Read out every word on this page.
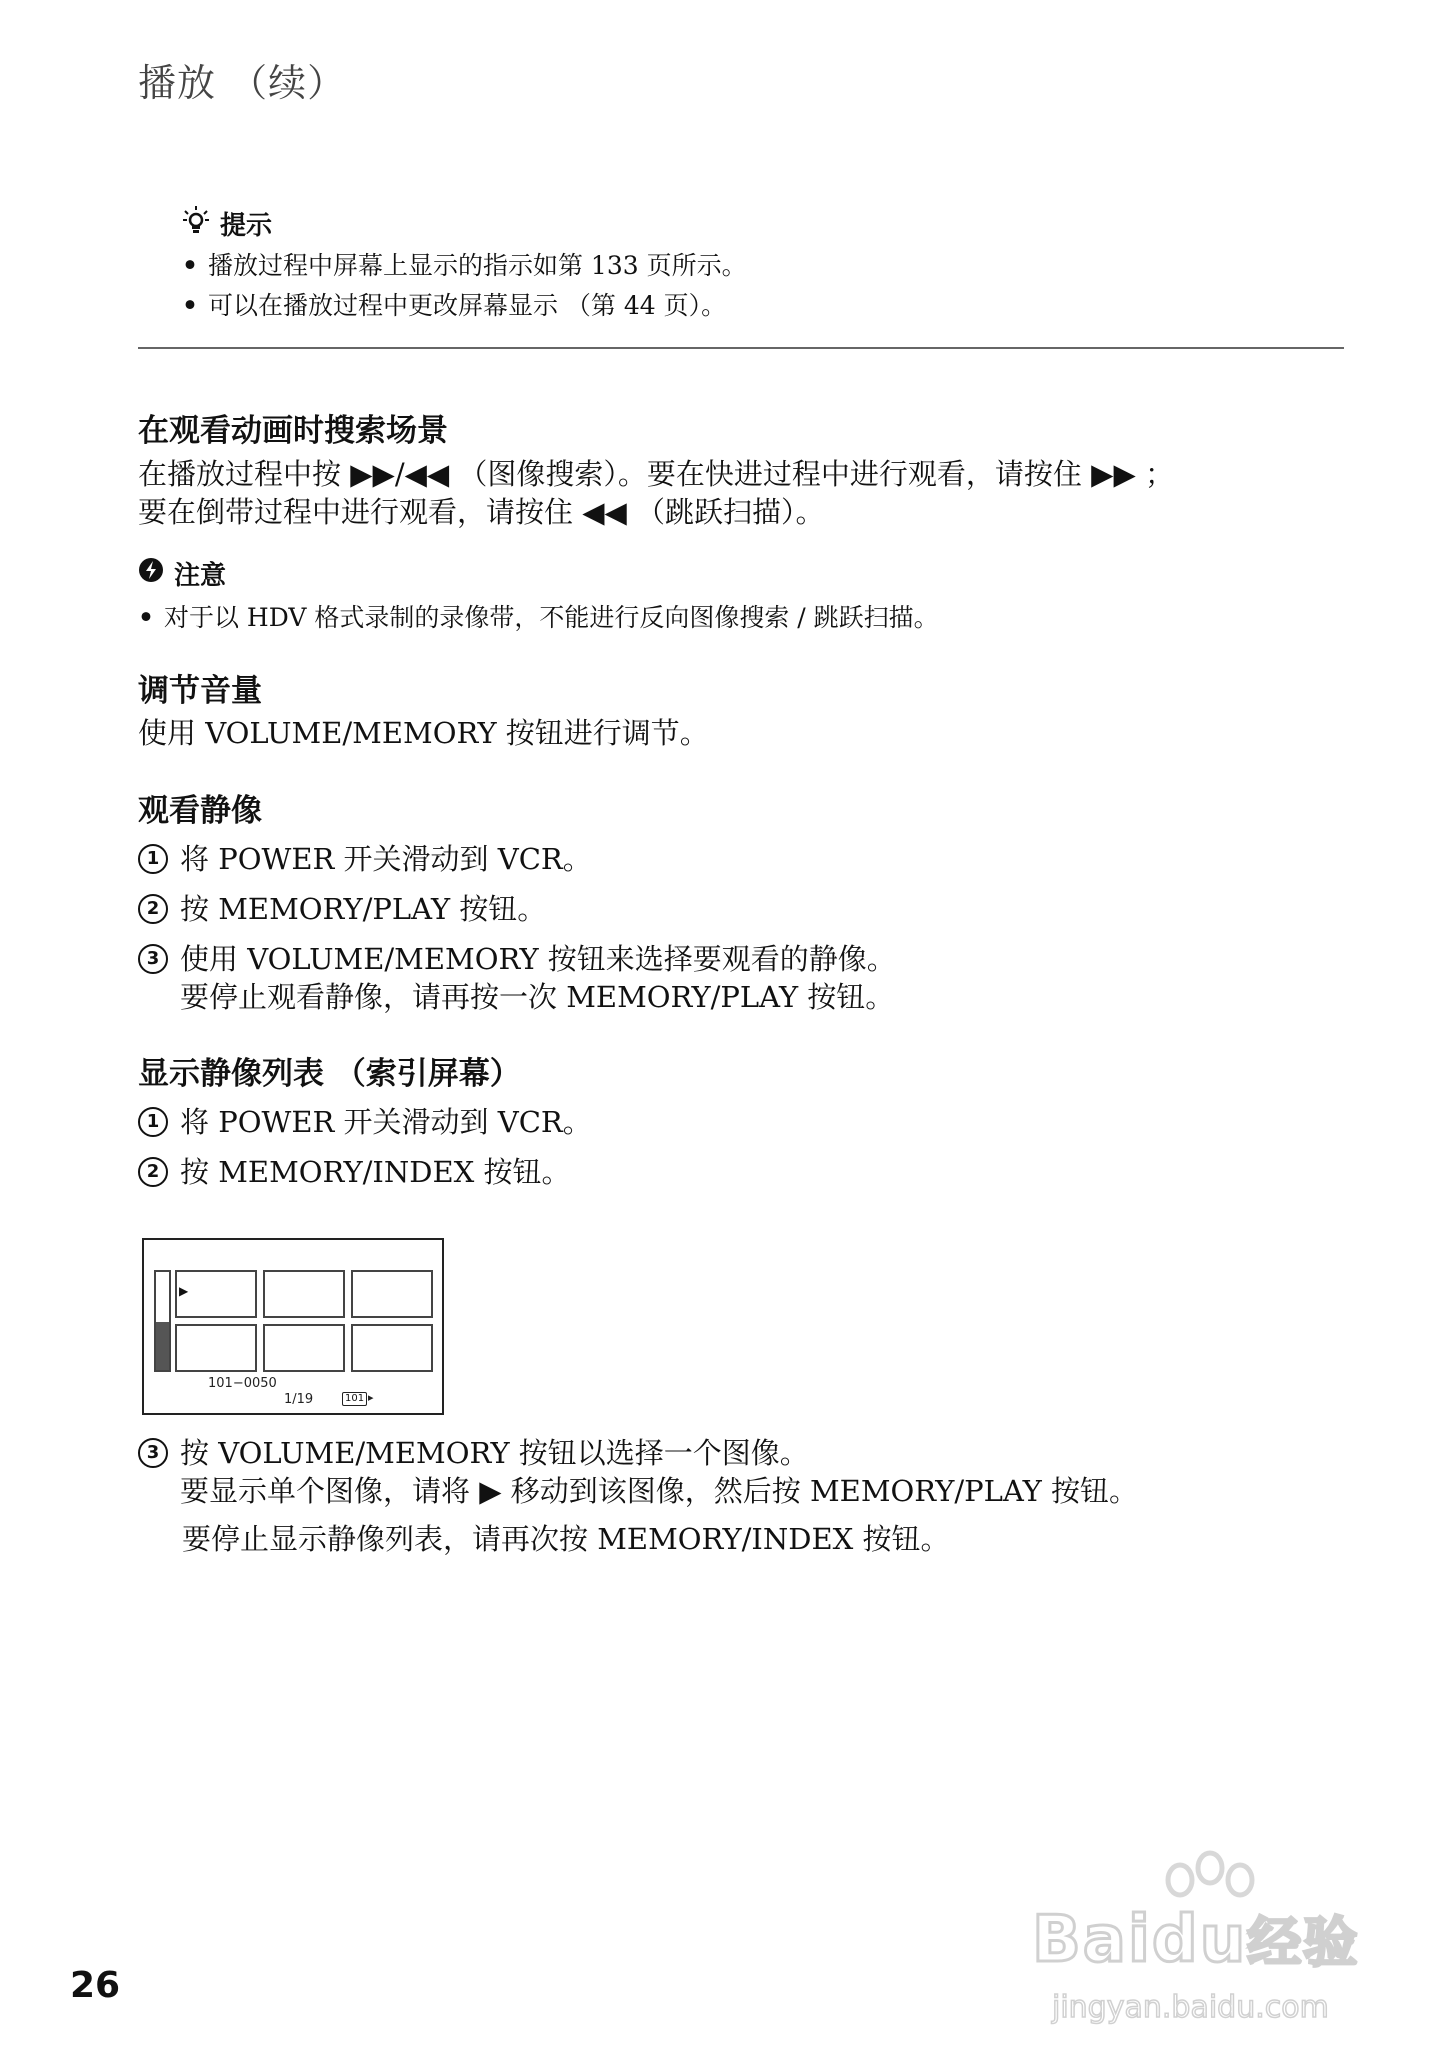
播放 （续）
提示
• 播放过程中屏幕上显示的指示如第 133 页所示。
• 可以在播放过程中更改屏幕显示 （第 44 页）。
在观看动画时搜索场景
在播放过程中按 ▶▶/◀◀ （图像搜索）。要在快进过程中进行观看，请按住 ▶▶ ；
要在倒带过程中进行观看，请按住 ◀◀ （跳跃扫描）。
注意
• 对于以 HDV 格式录制的录像带，不能进行反向图像搜索 / 跳跃扫描。
调节音量
使用 VOLUME/MEMORY 按钮进行调节。
观看静像
1 将 POWER 开关滑动到 VCR。
2 按 MEMORY/PLAY 按钮。
3 使用 VOLUME/MEMORY 按钮来选择要观看的静像。
要停止观看静像，请再按一次 MEMORY/PLAY 按钮。
显示静像列表 （索引屏幕）
1 将 POWER 开关滑动到 VCR。
2 按 MEMORY/INDEX 按钮。
▶
101−0050
1/19	101 ▸
3 按 VOLUME/MEMORY 按钮以选择一个图像。
要显示单个图像，请将 ▶ 移动到该图像，然后按 MEMORY/PLAY 按钮。
要停止显示静像列表，请再次按 MEMORY/INDEX 按钮。
26
Baidu经验
jingyan.baidu.com
